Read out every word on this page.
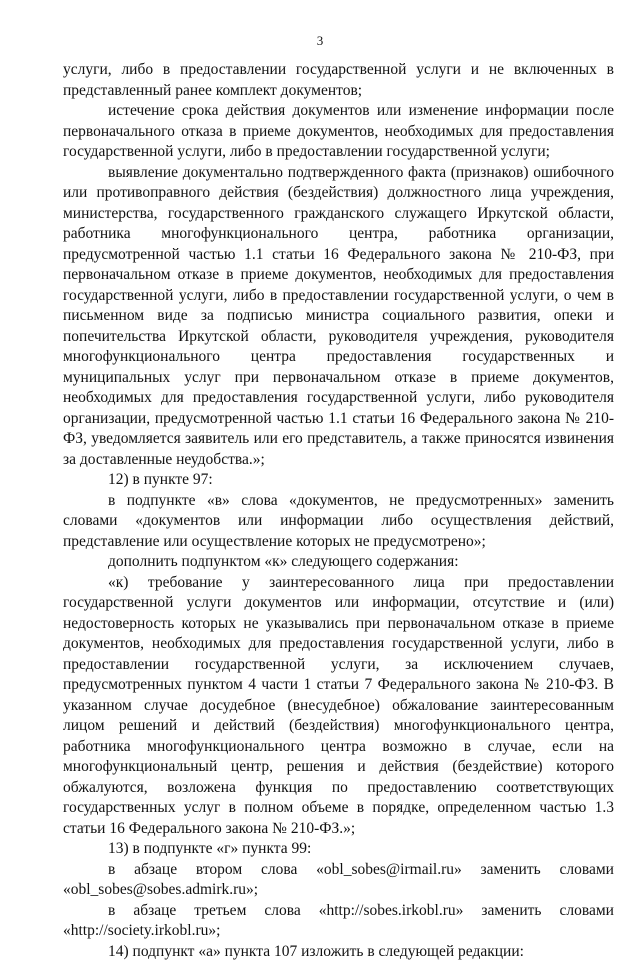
3

услуги, либо в предоставлении государственной услуги и не включенных в представленный ранее комплект документов;

истечение срока действия документов или изменение информации после первоначального отказа в приеме документов, необходимых для предоставления государственной услуги, либо в предоставлении государственной услуги;

выявление документально подтвержденного факта (признаков) ошибочного или противоправного действия (бездействия) должностного лица учреждения, министерства, государственного гражданского служащего Иркутской области, работника многофункционального центра, работника организации, предусмотренной частью 1.1 статьи 16 Федерального закона № 210-ФЗ, при первоначальном отказе в приеме документов, необходимых для предоставления государственной услуги, либо в предоставлении государственной услуги, о чем в письменном виде за подписью министра социального развития, опеки и попечительства Иркутской области, руководителя учреждения, руководителя многофункционального центра предоставления государственных и муниципальных услуг при первоначальном отказе в приеме документов, необходимых для предоставления государственной услуги, либо руководителя организации, предусмотренной частью 1.1 статьи 16 Федерального закона № 210-ФЗ, уведомляется заявитель или его представитель, а также приносятся извинения за доставленные неудобства.»;

12) в пункте 97:

в подпункте «в» слова «документов, не предусмотренных» заменить словами «документов или информации либо осуществления действий, представление или осуществление которых не предусмотрено»;

дополнить подпунктом «к» следующего содержания:

«к) требование у заинтересованного лица при предоставлении государственной услуги документов или информации, отсутствие и (или) недостоверность которых не указывались при первоначальном отказе в приеме документов, необходимых для предоставления государственной услуги, либо в предоставлении государственной услуги, за исключением случаев, предусмотренных пунктом 4 части 1 статьи 7 Федерального закона № 210-ФЗ. В указанном случае досудебное (внесудебное) обжалование заинтересованным лицом решений и действий (бездействия) многофункционального центра, работника многофункционального центра возможно в случае, если на многофункциональный центр, решения и действия (бездействие) которого обжалуются, возложена функция по предоставлению соответствующих государственных услуг в полном объеме в порядке, определенном частью 1.3 статьи 16 Федерального закона № 210-ФЗ.»;

13) в подпункте «г» пункта 99:

в абзаце втором слова «obl_sobes@irmail.ru» заменить словами

«obl_sobes@sobes.admirk.ru»;

в абзаце третьем слова «http://sobes.irkobl.ru» заменить словами

«http://society.irkobl.ru»;

14) подпункт «а» пункта 107 изложить в следующей редакции:
